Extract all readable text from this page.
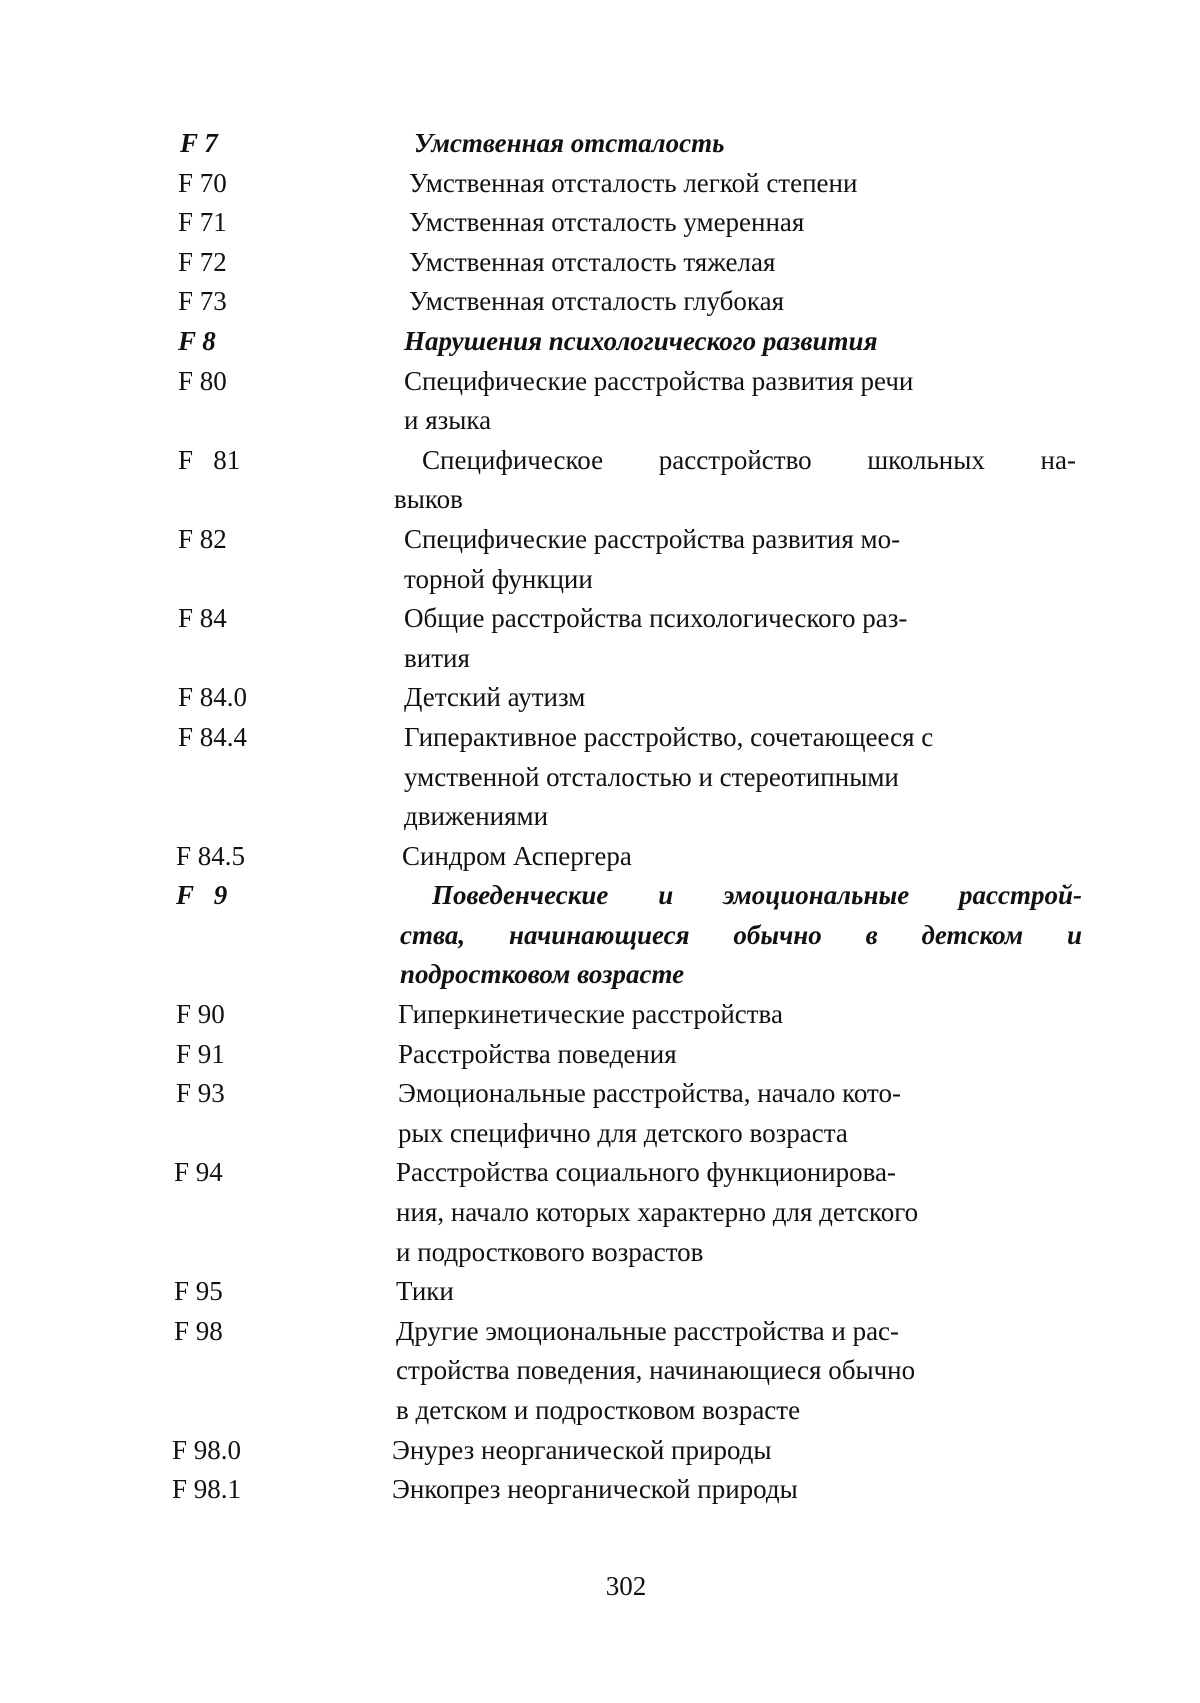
F 7	Умственная отсталость
F 70	Умственная отсталость легкой степени
F 71	Умственная отсталость умеренная
F 72	Умственная отсталость тяжелая
F 73	Умственная отсталость глубокая
F 8	Нарушения психологического развития
F 80	Специфические расстройства развития речи
и языка
F   81	Специфическое расстройство школьных на-
выков
F 82	Специфические расстройства развития мо-
торной функции
F 84	Общие расстройства психологического раз-
вития
F 84.0	Детский аутизм
F 84.4	Гиперактивное расстройство, сочетающееся с
умственной отсталостью и стереотипными
движениями
F 84.5	Синдром Аспергера
F   9	Поведенческие и эмоциональные расстрой-
ства, начинающиеся обычно в детском и
подростковом возрасте
F 90	Гиперкинетические расстройства
F 91	Расстройства поведения
F 93	Эмоциональные расстройства, начало кото-
рых специфично для детского возраста
F 94	Расстройства социального функционирова-
ния, начало которых характерно для детского
и подросткового возрастов
F 95	Тики
F 98	Другие эмоциональные расстройства и рас-
стройства поведения, начинающиеся обычно
в детском и подростковом возрасте
F 98.0	Энурез неорганической природы
F 98.1	Энкопрез неорганической природы
302
